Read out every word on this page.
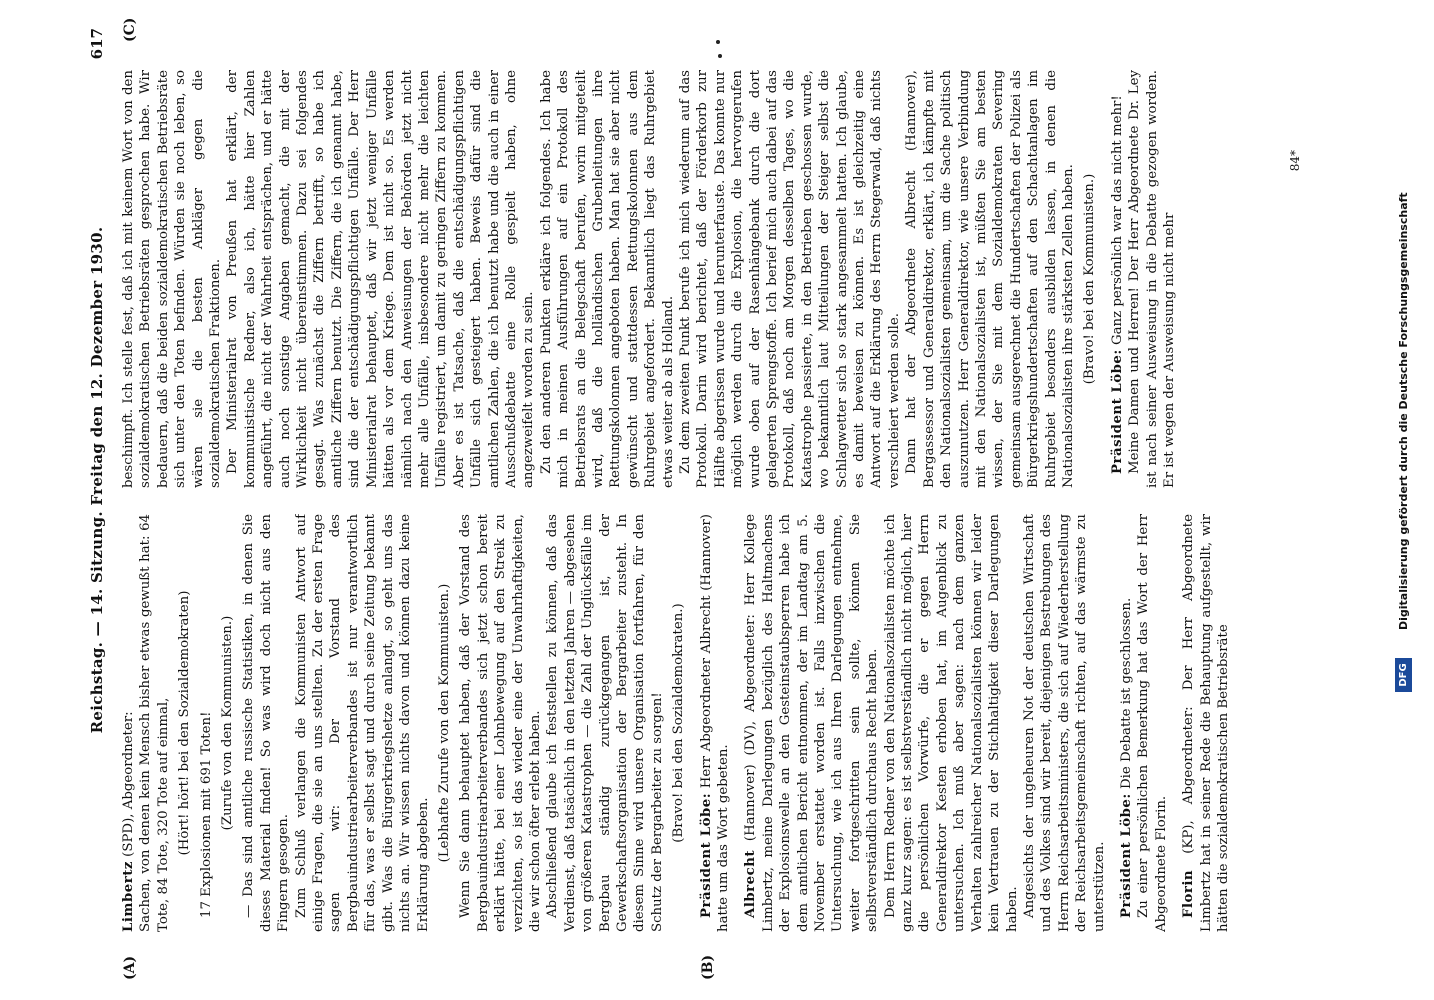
Reichstag. — 14. Sitzung. Freitag den 12. Dezember 1930.
617
(A)	(B)
(C)

Limbertz (SPD), Abgeordneter: Sachen, von denen kein Mensch bisher etwas gewußt hat: 64 Tote, 84 Tote, 320 Tote auf einmal, (Hört! hört! bei den Sozialdemokraten) 17 Explosionen mit 691 Toten! (Zurufe von den Kommunisten.) — Das sind amtliche russische Statistiken, in denen Sie dieses Material finden! So was wird doch nicht aus den Fingern gesogen. Zum Schluß verlangen die Kommunisten Antwort auf einige Fragen, die sie an uns stellten. Zu der ersten Frage sagen wir: Der Vorstand des Bergbauindustriearbeiterverbandes ist nur verantwortlich für das, was er selbst sagt und durch seine Zeitung bekannt gibt. Was die Bürgerkriegshetze anlangt, so geht uns das nichts an. Wir wissen nichts davon und können dazu keine Erklärung abgeben.

(Lebhafte Zurufe von den Kommunisten.) Wenn Sie dann behauptet haben, daß der Vorstand des Bergbauindustriearbeiterverbandes sich jetzt schon bereit erklärt hätte, bei einer Lohnbewegung auf den Streik zu verzichten, so ist das wieder eine der Unwahrhaftigkeiten, die wir schon öfter erlebt haben. Abschließend glaube ich feststellen zu können, daß das Verdienst, daß tatsächlich in den letzten Jahren — abgesehen von größeren Katastrophen — die Zahl der Unglücksfälle im Bergbau ständig zurückgegangen ist, der Gewerkschaftsorganisation der Bergarbeiter zusteht. In diesem Sinne wird unsere Organisation fortfahren, für den Schutz der Bergarbeiter zu sorgen! (Bravo! bei den Sozialdemokraten.)

Präsident Löbe: Herr Abgeordneter Albrecht (Hannover) hatte um das Wort gebeten. Albrecht (Hannover) (DV), Abgeordneter: Herr Kollege Limbertz, meine Darlegungen bezüglich des Haltmachens der Explosionswelle an den Gesteinstaubsperren habe ich dem amtlichen Bericht entnommen, der im Landtag am 5. November erstattet worden ist. Falls inzwischen die Untersuchung, wie ich aus Ihren Darlegungen entnehme, weiter fortgeschritten sein sollte, können Sie selbstverständlich durchaus Recht haben. Dem Herrn Redner von den Nationalsozialisten möchte ich ganz kurz sagen: es ist selbstverständlich nicht möglich, hier die persönlichen Vorwürfe, die er gegen Herrn Generaldirektor Kesten erhoben hat, im Augenblick zu untersuchen. Ich muß aber sagen: nach dem ganzen Verhalten zahlreicher Nationalsozialisten können wir leider kein Vertrauen zu der Stichhaltigkeit dieser Darlegungen haben. Angesichts der ungeheuren Not der deutschen Wirtschaft und des Volkes sind wir bereit, diejenigen Bestrebungen des Herrn Reichsarbeitsministers, die sich auf Wiederherstellung der Reichsarbeitsgemeinschaft richten, auf das wärmste zu unterstützen. Präsident Löbe: Die Debatte ist geschlossen. Zu einer persönlichen Bemerkung hat das Wort der Herr Abgeordnete Florin. Florin (KP), Abgeordneter: Der Herr Abgeordnete Limbertz hat in seiner Rede die Behauptung aufgestellt, wir hätten die sozialdemokratischen Betriebsräte

beschimpft. Ich stelle fest, daß ich mit keinem Wort von den sozialdemokratischen Betriebsräten gesprochen habe. Wir bedauern, daß die beiden sozialdemokratischen Betriebsräte sich unter den Toten befinden. Würden sie noch leben, so wären sie die besten Ankläger gegen die sozialdemokratischen Fraktionen. Der Ministerialrat von Preußen hat erklärt, der kommunistische Redner, also ich, hätte hier Zahlen angeführt, die nicht der Wahrheit entsprächen, und er hätte auch noch sonstige Angaben gemacht, die mit der Wirklichkeit nicht übereinstimmen. Dazu sei folgendes gesagt. Was zunächst die Ziffern betrifft, so habe ich amtliche Ziffern benutzt. Die Ziffern, die ich genannt habe, sind die der entschädigungspflichtigen Unfälle. Der Herr Ministerialrat behauptet, daß wir jetzt weniger Unfälle hätten als vor dem Kriege. Dem ist nicht so. Es werden nämlich nach den Anweisungen der Behörden jetzt nicht mehr alle Unfälle, insbesondere nicht mehr die leichten Unfälle registriert, um damit zu geringen Ziffern zu kommen. Aber es ist Tatsache, daß die entschädigungspflichtigen Unfälle sich gesteigert haben. Beweis dafür sind die amtlichen Zahlen, die ich benutzt habe und die auch in einer Ausschußdebatte eine Rolle gespielt haben, ohne angezweifelt worden zu sein. Zu den anderen Punkten erkläre ich folgendes. Ich habe mich in meinen Ausführungen auf ein Protokoll des Betriebsrats an die Belegschaft berufen, worin mitgeteilt wird, daß die holländischen Grubenleitungen ihre Rettungskolonnen angeboten haben. Man hat sie aber nicht gewünscht und stattdessen Rettungskolonnen aus dem Ruhrgebiet angefordert. Bekanntlich liegt das Ruhrgebiet etwas weiter ab als Holland. Zu dem zweiten Punkt berufe ich mich wiederum auf das Protokoll. Darin wird berichtet, daß der Förderkorb zur Hälfte abgerissen wurde und herunterfauste. Das konnte nur möglich werden durch die Explosion, die hervorgerufen wurde oben auf der Rasenhängebank durch die dort gelagerten Sprengstoffe. Ich berief mich auch dabei auf das Protokoll, daß noch am Morgen desselben Tages, wo die Katastrophe passierte, in den Betrieben geschossen wurde, wo bekanntlich laut Mitteilungen der Steiger selbst die Schlagwetter sich so stark angesammelt hatten. Ich glaube, es damit beweisen zu können. Es ist gleichzeitig eine Antwort auf die Erklärung des Herrn Stegerwald, daß nichts verschleiert werden solle. Dann hat der Abgeordnete Albrecht (Hannover), Bergassessor und Generaldirektor, erklärt, ich kämpfte mit den Nationalsozialisten gemeinsam, um die Sache politisch auszunutzen. Herr Generaldirektor, wie unsere Verbindung mit den Nationalsozialisten ist, müßten Sie am besten wissen, der Sie mit dem Sozialdemokraten Severing gemeinsam ausgerechnet die Hundertschaften der Polizei als Bürgerkriegshundertschaften auf den Schachtanlagen im Ruhrgebiet besonders ausbilden lassen, in denen die Nationalsozialisten ihre stärksten Zellen haben. (Bravo! bei den Kommunisten.)

Präsident Löbe: Ganz persönlich war das nicht mehr! Meine Damen und Herren! Der Herr Abgeordnete Dr. Ley ist nach seiner Ausweisung in die Debatte gezogen worden. Er ist wegen der Ausweisung nicht mehr

84*
DFG
Digitalisierung gefördert durch die Deutsche Forschungsgemeinschaft
